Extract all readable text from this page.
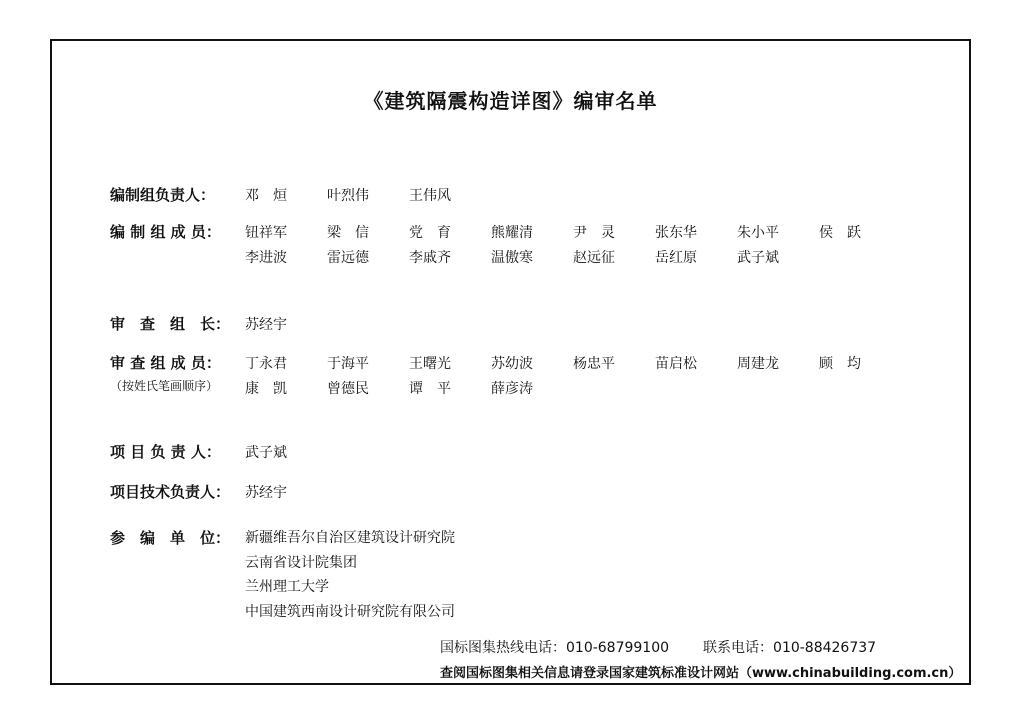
《建筑隔震构造详图》编审名单
编制组负责人： 邓　烜	叶烈伟	王伟风
编 制 组 成 员： 钮祥军	梁　信	党　育	熊耀清	尹　灵	张东华	朱小平	侯　跃
李进波	雷远德	李戚齐	温傲寒	赵远征	岳红原	武子斌
审　查　组　长： 苏经宇
审 查 组 成 员：
（按姓氏笔画顺序）
丁永君	于海平	王曙光	苏幼波	杨忠平	苗启松	周建龙	顾　均
康　凯	曾德民	谭　平	薛彦涛
项 目 负 责 人： 武子斌
项目技术负责人： 苏经宇
参　编　单　位： 新疆维吾尔自治区建筑设计研究院
云南省设计院集团
兰州理工大学
中国建筑西南设计研究院有限公司
国标图集热线电话：010-68799100 联系电话：010-88426737
查阅国标图集相关信息请登录国家建筑标准设计网站（www.chinabuilding.com.cn）
